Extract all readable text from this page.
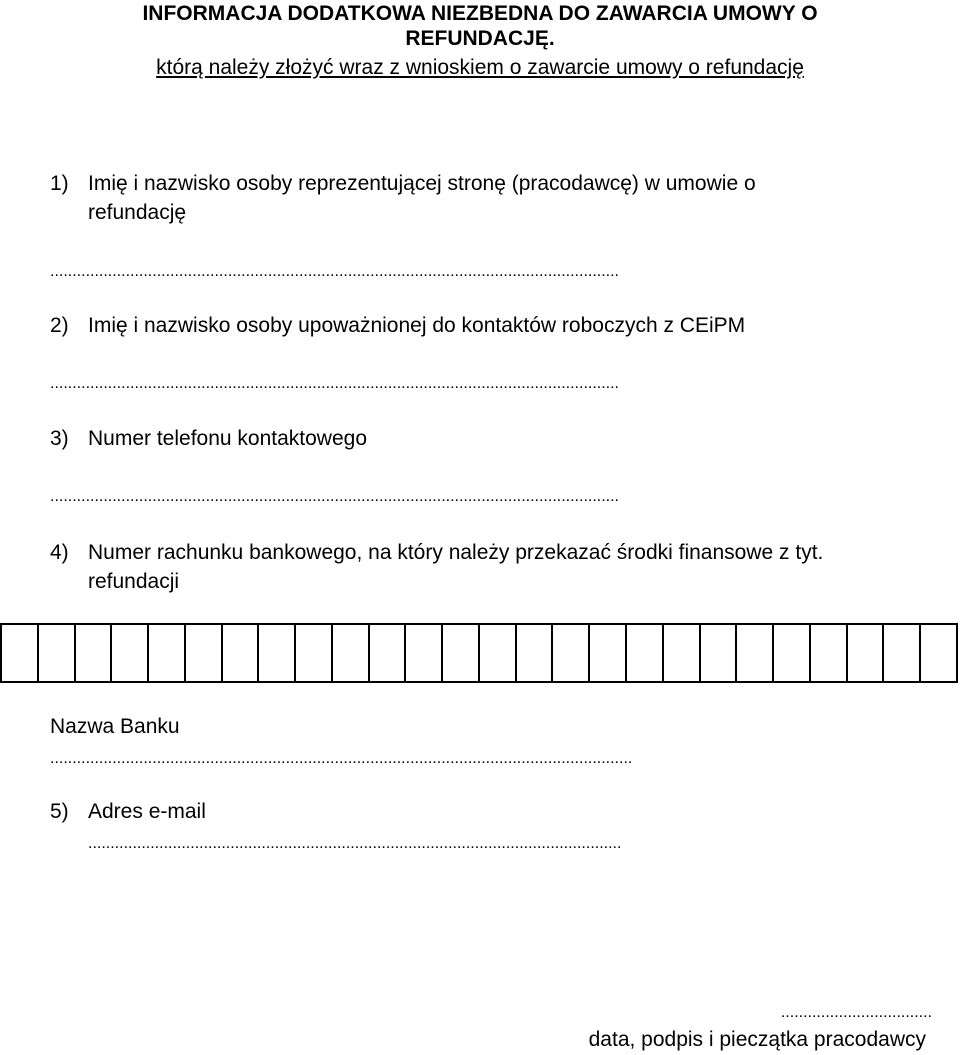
INFORMACJA DODATKOWA NIEZBEDNA DO ZAWARCIA UMOWY O
REFUNDACJĘ.
którą należy złożyć wraz z wnioskiem o zawarcie umowy o refundację
1) Imię i nazwisko osoby reprezentującej stronę (pracodawcę) w umowie o
refundację
................................................................................................................................
2) Imię i nazwisko osoby upoważnionej do kontaktów roboczych z CEiPM
................................................................................................................................
3) Numer telefonu kontaktowego
................................................................................................................................
4) Numer rachunku bankowego, na który należy przekazać środki finansowe z tyt.
refundacji
Nazwa Banku
...................................................................................................................................
5) Adres e-mail
........................................................................................................................
..................................
data, podpis i pieczątka pracodawcy
